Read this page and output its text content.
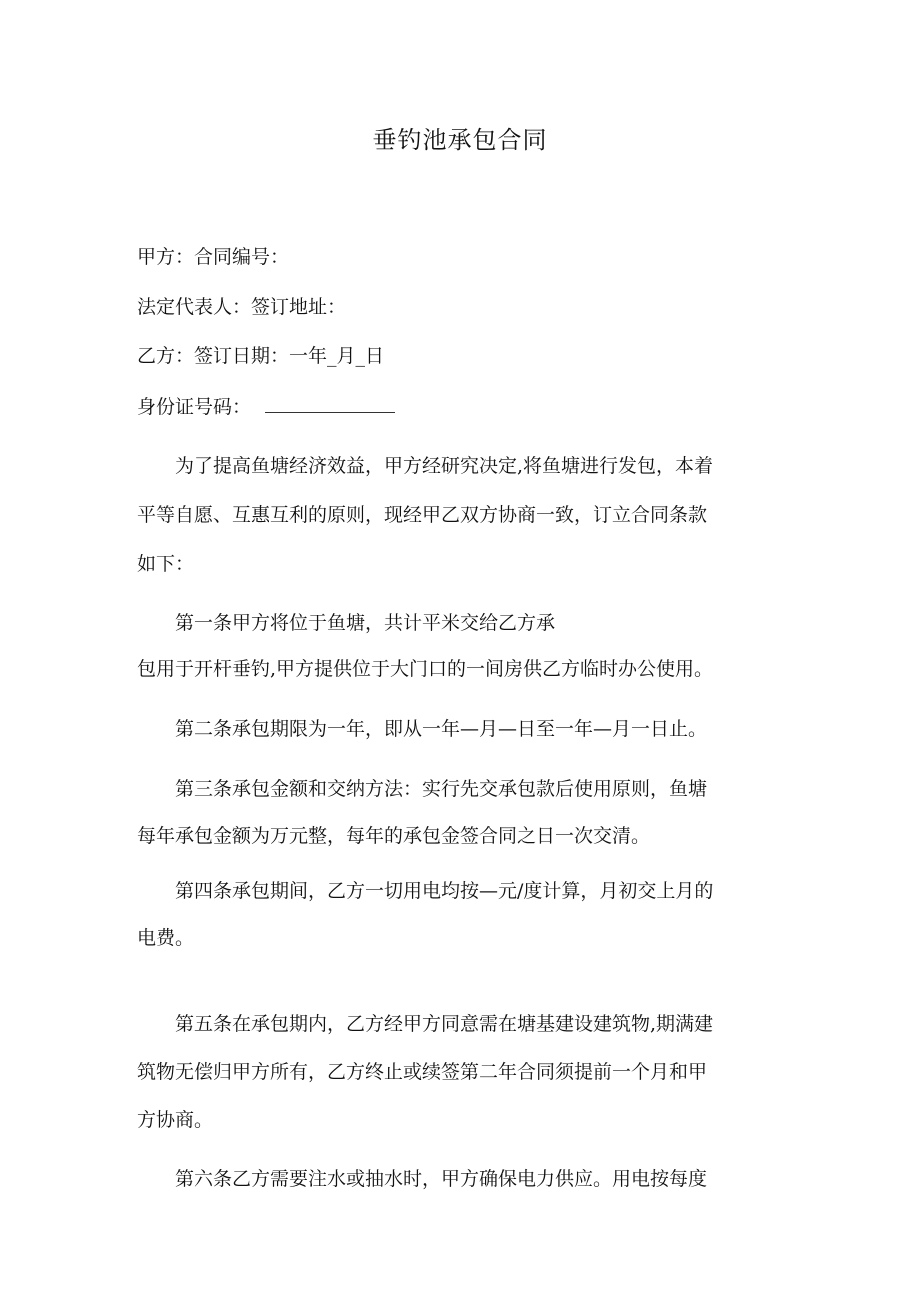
垂钓池承包合同
甲方：合同编号：
法定代表人：签订地址：
乙方：签订日期：一年_月_日
身份证号码：
为了提高鱼塘经济效益，甲方经研究决定,将鱼塘进行发包，本着
平等自愿、互惠互利的原则，现经甲乙双方协商一致，订立合同条款
如下：
第一条甲方将位于鱼塘，共计平米交给乙方承
包用于开杆垂钓,甲方提供位于大门口的一间房供乙方临时办公使用。
第二条承包期限为一年，即从一年—月—日至一年—月一日止。
第三条承包金额和交纳方法：实行先交承包款后使用原则，鱼塘
每年承包金额为万元整，每年的承包金签合同之日一次交清。
第四条承包期间，乙方一切用电均按—元/度计算，月初交上月的
电费。
第五条在承包期内，乙方经甲方同意需在塘基建设建筑物,期满建
筑物无偿归甲方所有，乙方终止或续签第二年合同须提前一个月和甲
方协商。
第六条乙方需要注水或抽水时，甲方确保电力供应。用电按每度
